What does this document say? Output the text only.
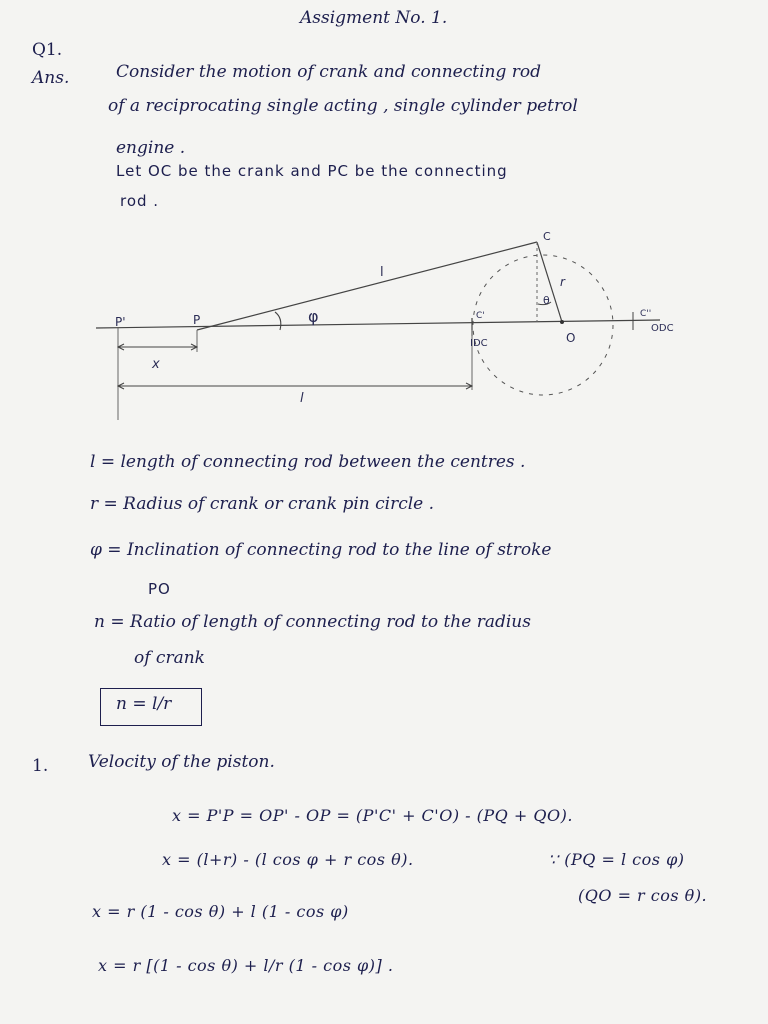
Assigment No. 1.
Q1.
Ans.	Consider the motion of crank and connecting rod
of a reciprocating single acting , single cylinder petrol
engine .
Let OC be the crank and PC be the connecting
rod .
l
C
r
φ
θ
P'	P	C'	C''
IDC
ODC
O
x
l
l = length of connecting rod between the centres .
r = Radius of crank or crank pin circle .
φ = Inclination of connecting rod to the line of stroke
PO
n = Ratio of length of connecting rod to the radius
of crank
n = l/r
1. Velocity of the piston.
x = P'P = OP' - OP = (P'C' + C'O) - (PQ + QO).
x = (l+r) - (l cos φ + r cos θ).	∵ (PQ = l cos φ)
(QO = r cos θ).
x = r (1 - cos θ) + l (1 - cos φ)
x = r [(1 - cos θ) + l/r (1 - cos φ)] .
